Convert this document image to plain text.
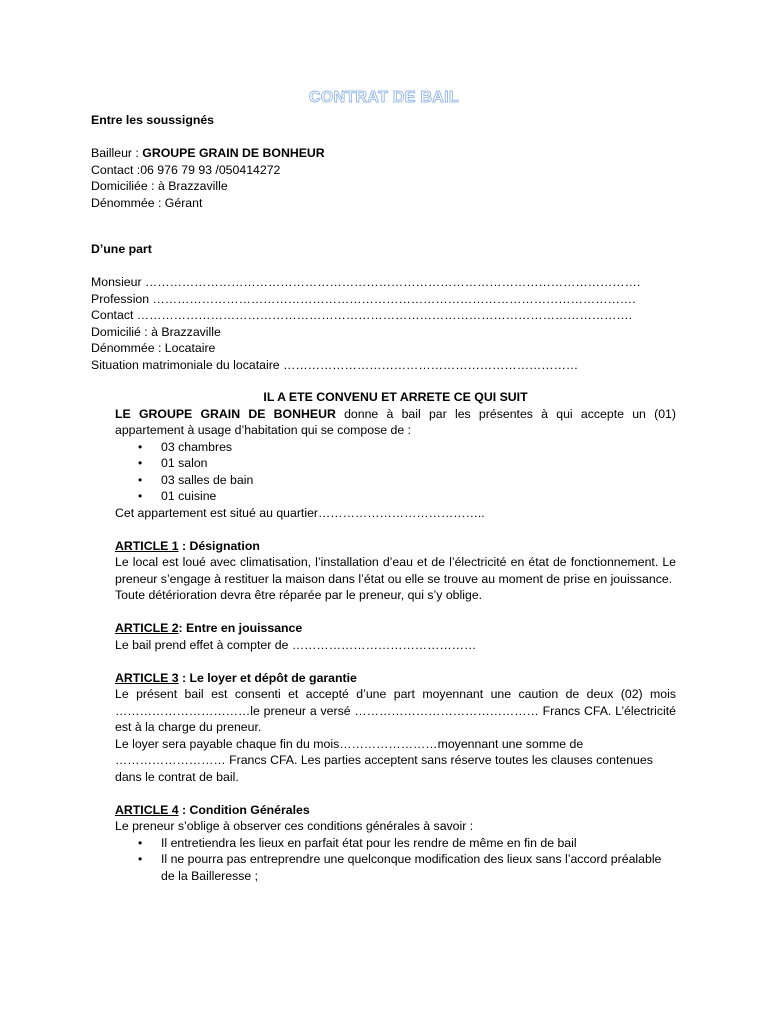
CONTRAT DE BAIL
Entre les soussignés
Bailleur : GROUPE GRAIN DE BONHEUR
Contact :06 976 79 93 /050414272
Domiciliée : à Brazzaville
Dénommée : Gérant
D’une part
Monsieur ………………………………………………………………………………………………………….
Profession ……………………………………………………………………………………………………….
Contact ………………………………………………………………………………………………………….
Domicilié : à Brazzaville
Dénommée : Locataire
Situation matrimoniale du locataire ………………………………………………………………
IL A ETE CONVENU ET ARRETE CE QUI SUIT
LE GROUPE GRAIN DE BONHEUR donne à bail par les présentes à qui accepte un (01) appartement à usage d’habitation qui se compose de :
• 03 chambres
• 01 salon
• 03 salles de bain
• 01 cuisine
Cet appartement est situé au quartier…………………………………..
ARTICLE 1 : Désignation
Le local est loué avec climatisation, l’installation d’eau et de l’électricité en état de fonctionnement. Le preneur s’engage à restituer la maison dans l’état ou elle se trouve au moment de prise en jouissance.
Toute détérioration devra être réparée par le preneur, qui s’y oblige.
ARTICLE 2: Entre en jouissance
Le bail prend effet à compter de ………………………………………
ARTICLE 3 : Le loyer et dépôt de garantie
Le présent bail est consenti et accepté d’une part moyennant une caution de deux (02) mois ……………………………le preneur a versé ……………………………………… Francs CFA. L’électricité est à la charge du preneur.
Le loyer sera payable chaque fin du mois……………………moyennant une somme de ……………………… Francs CFA. Les parties acceptent sans réserve toutes les clauses contenues dans le contrat de bail.
ARTICLE 4 : Condition Générales
Le preneur s’oblige à observer ces conditions générales à savoir :
• Il entretiendra les lieux en parfait état pour les rendre de même en fin de bail
• Il ne pourra pas entreprendre une quelconque modification des lieux sans l’accord préalable de la Bailleresse ;
